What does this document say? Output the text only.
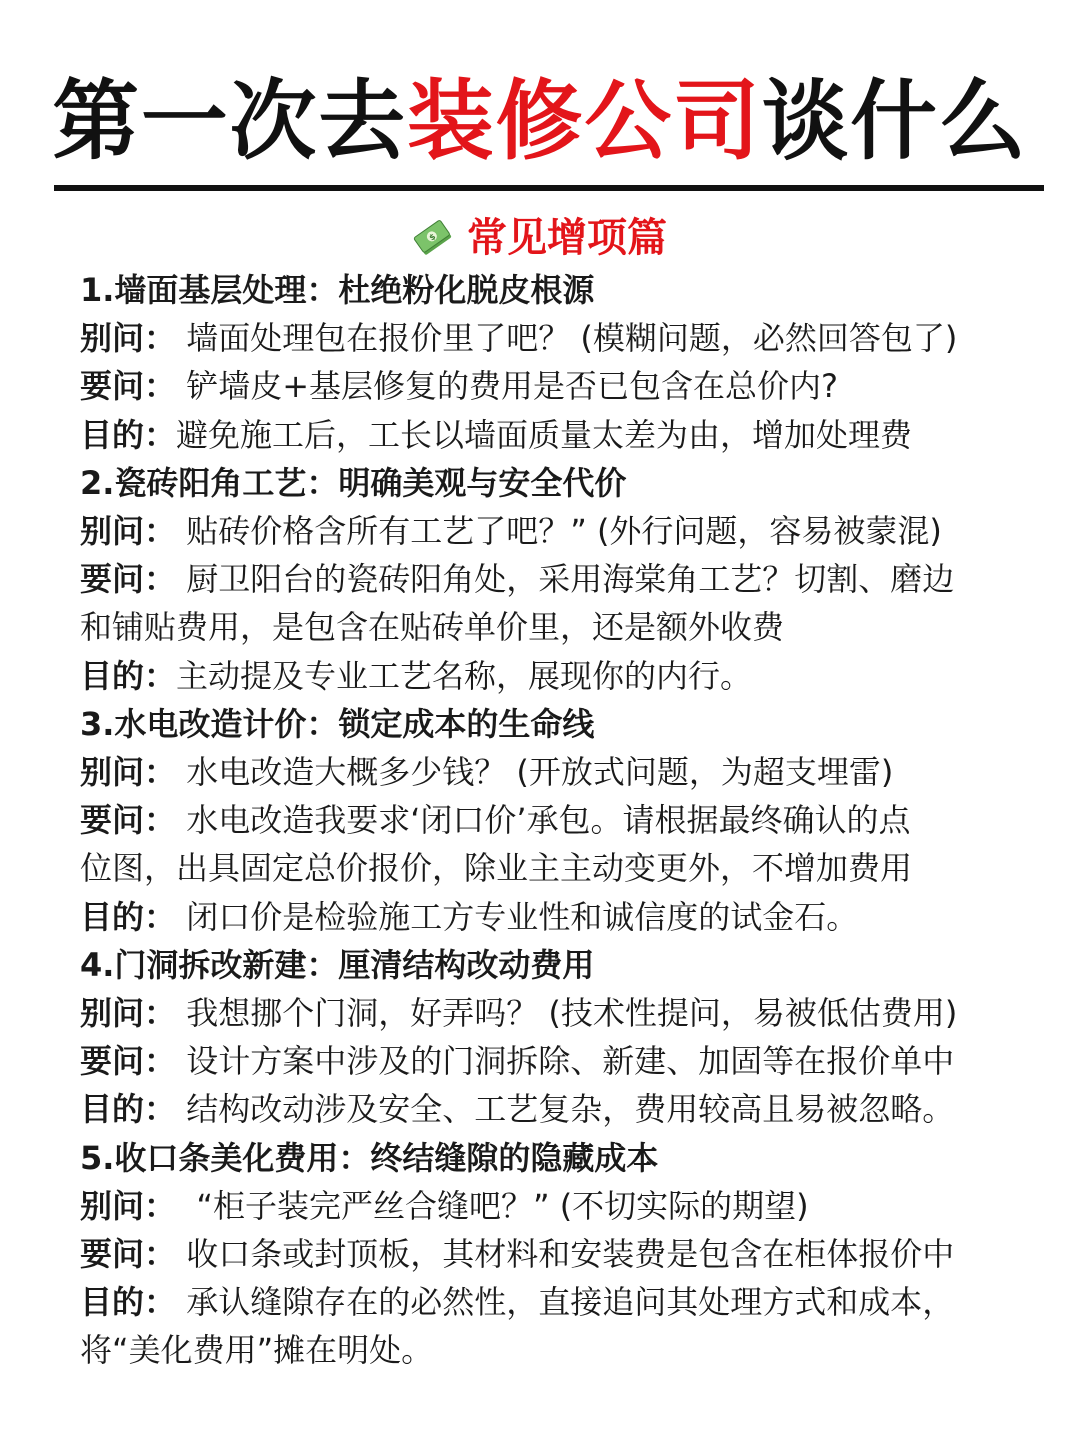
第一次去装修公司谈什么
$ 常见增项篇
1.墙面基层处理：杜绝粉化脱皮根源
别问： 墙面处理包在报价里了吧？ (模糊问题，必然回答包了)
要问： 铲墙皮+基层修复的费用是否已包含在总价内?
目的：避免施工后，工长以墙面质量太差为由，增加处理费
2.瓷砖阳角工艺：明确美观与安全代价
别问： 贴砖价格含所有工艺了吧？” (外行问题，容易被蒙混)
要问： 厨卫阳台的瓷砖阳角处，采用海棠角工艺？切割、磨边
和铺贴费用，是包含在贴砖单价里，还是额外收费
目的：主动提及专业工艺名称，展现你的内行。
3.水电改造计价：锁定成本的生命线
别问： 水电改造大概多少钱？ (开放式问题，为超支埋雷)
要问： 水电改造我要求‘闭口价’承包。请根据最终确认的点
位图，出具固定总价报价，除业主主动变更外，不增加费用
目的： 闭口价是检验施工方专业性和诚信度的试金石。
4.门洞拆改新建：厘清结构改动费用
别问： 我想挪个门洞，好弄吗？ (技术性提问，易被低估费用)
要问： 设计方案中涉及的门洞拆除、新建、加固等在报价单中
目的： 结构改动涉及安全、工艺复杂，费用较高且易被忽略。
5.收口条美化费用：终结缝隙的隐藏成本
别问：  “柜子装完严丝合缝吧？” (不切实际的期望)
要问： 收口条或封顶板，其材料和安装费是包含在柜体报价中
目的： 承认缝隙存在的必然性，直接追问其处理方式和成本，
将“美化费用”摊在明处。
